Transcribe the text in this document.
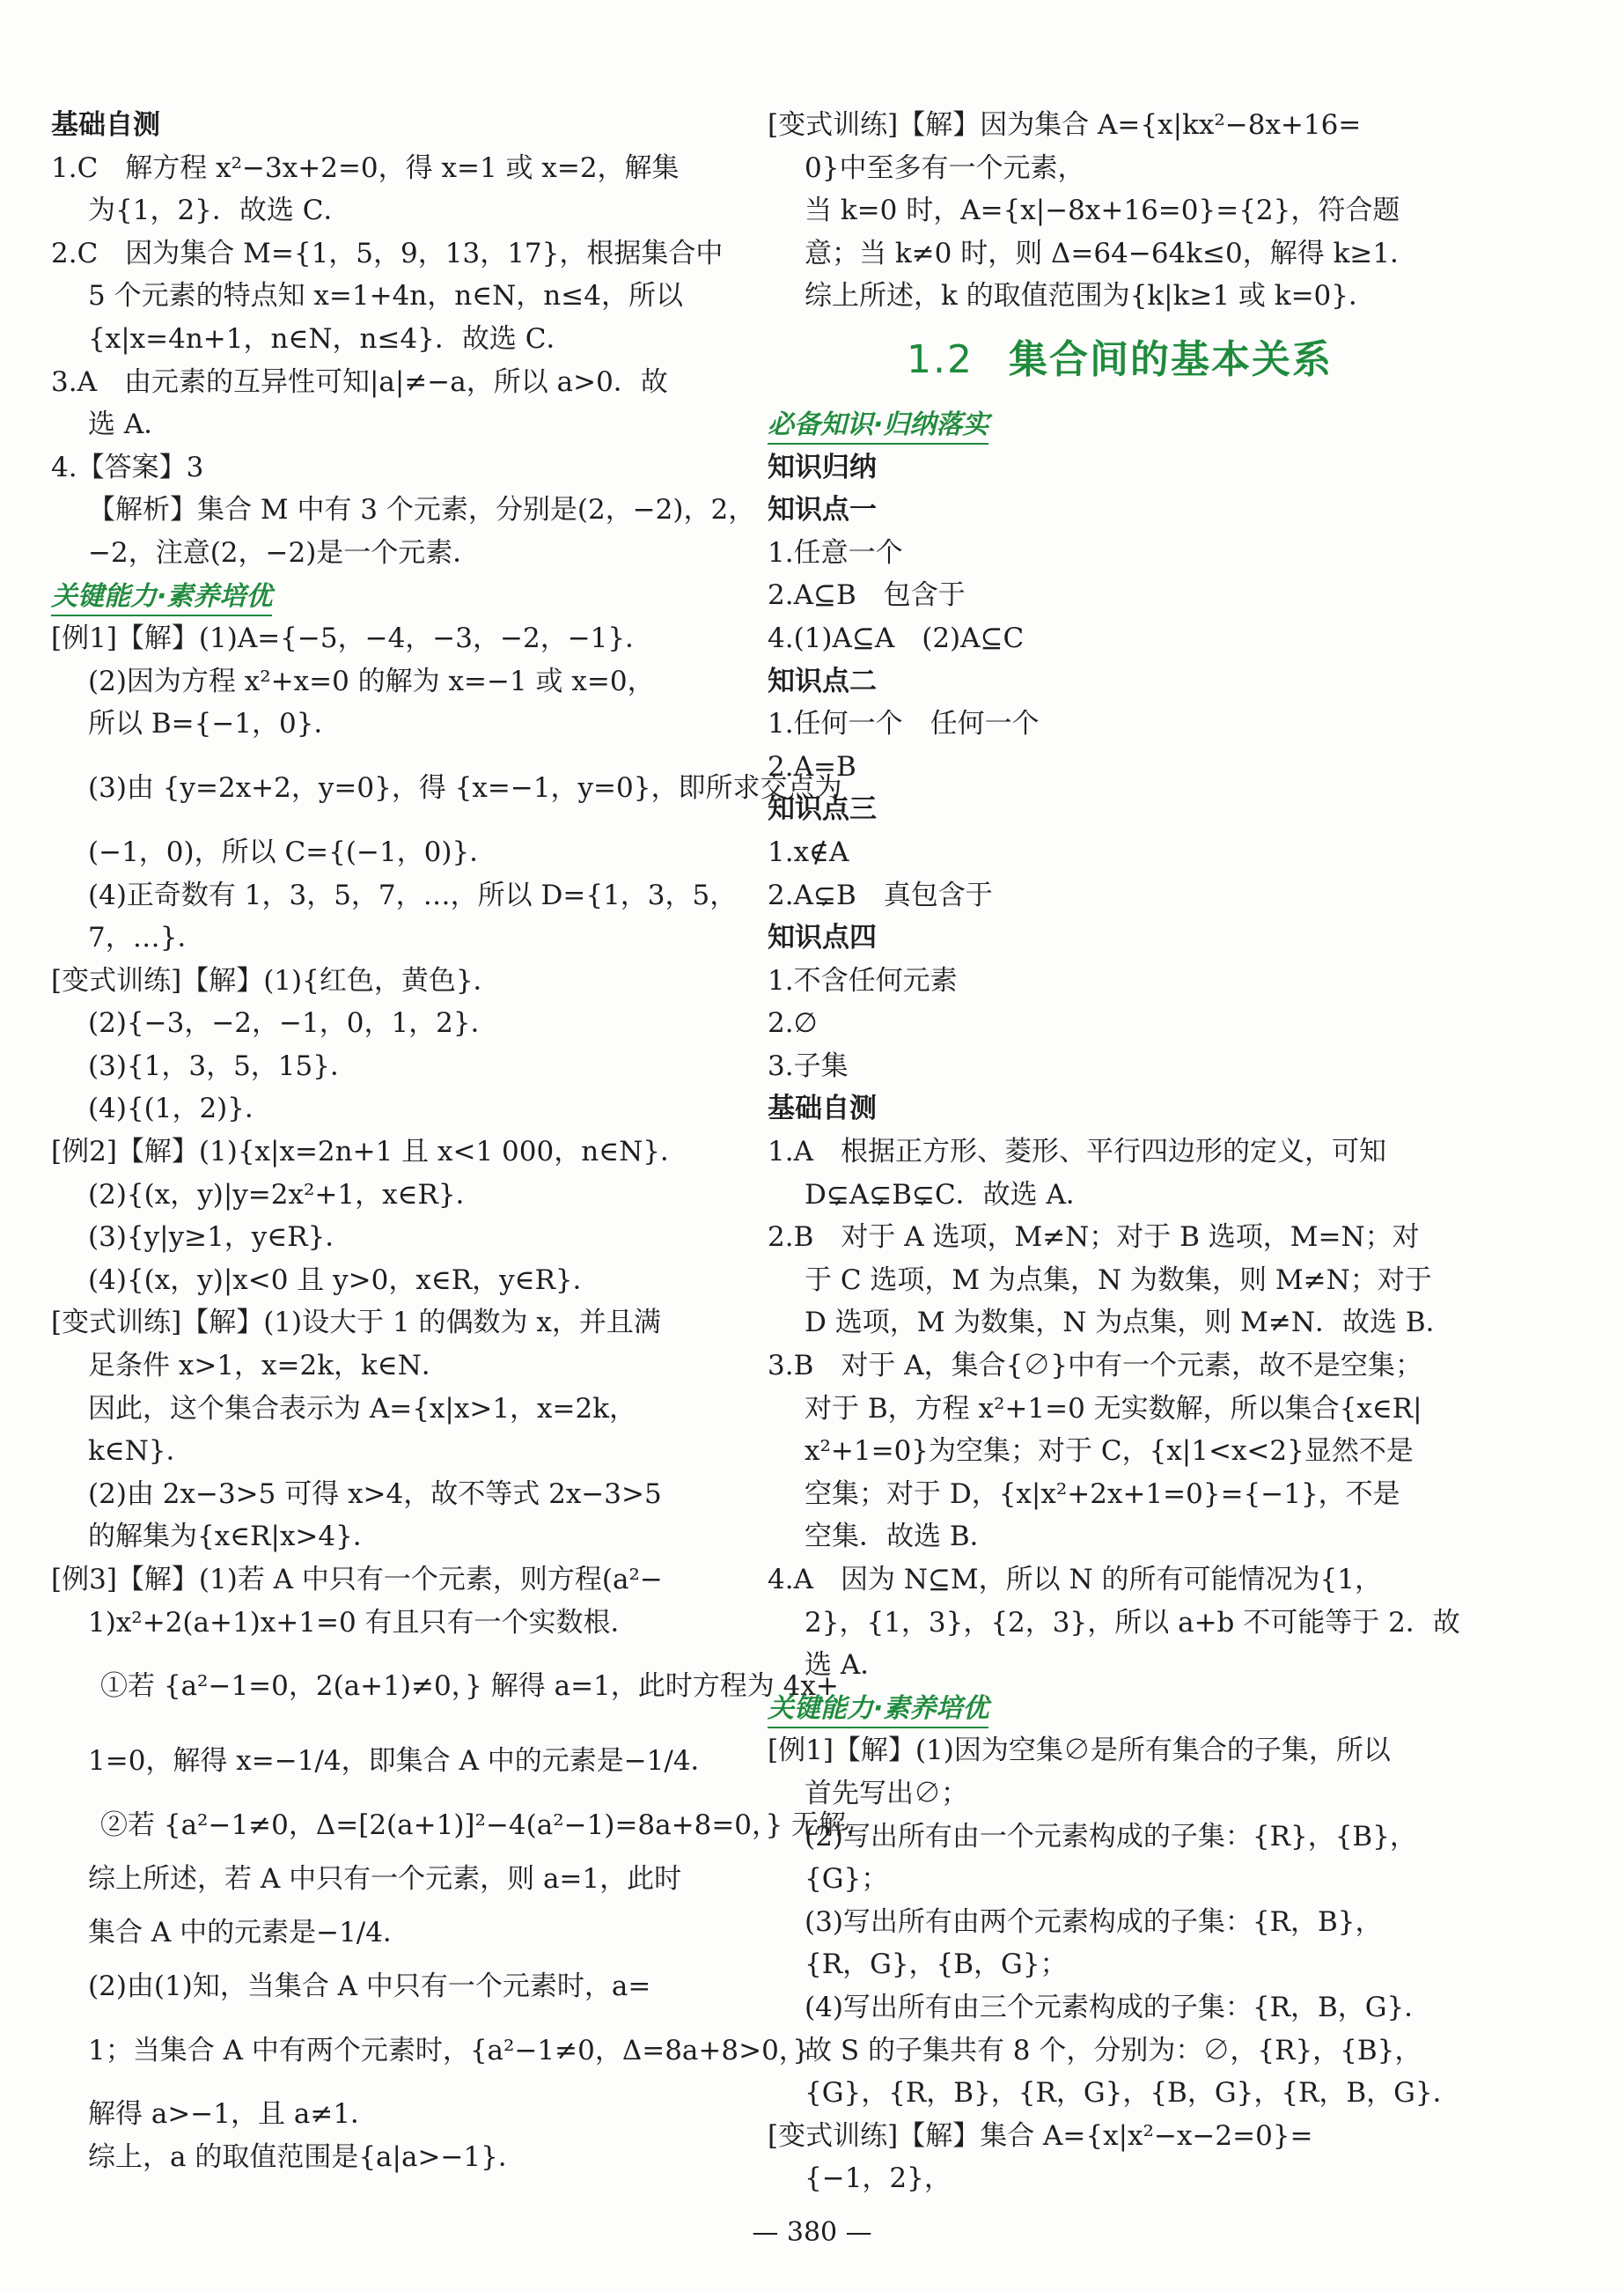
基础自测
1.C　解方程 x²−3x+2=0，得 x=1 或 x=2，解集
为{1，2}．故选 C．
2.C　因为集合 M={1，5，9，13，17}，根据集合中
5 个元素的特点知 x=1+4n，n∈N，n≤4，所以
{x|x=4n+1，n∈N，n≤4}．故选 C．
3.A　由元素的互异性可知|a|≠−a，所以 a>0．故
选 A．
4.【答案】3
【解析】集合 M 中有 3 个元素，分别是(2，−2)，2，
−2，注意(2，−2)是一个元素．
关键能力·素养培优
[例1]【解】(1)A={−5，−4，−3，−2，−1}．
(2)因为方程 x²+x=0 的解为 x=−1 或 x=0，
所以 B={−1，0}．
(3)由 {y=2x+2，y=0}，得 {x=−1，y=0}，即所求交点为
(−1，0)，所以 C={(−1，0)}．
(4)正奇数有 1，3，5，7，…，所以 D={1，3，5，
7，…}．
[变式训练]【解】(1){红色，黄色}．
(2){−3，−2，−1，0，1，2}．
(3){1，3，5，15}．
(4){(1，2)}．
[例2]【解】(1){x|x=2n+1 且 x<1 000，n∈N}．
(2){(x，y)|y=2x²+1，x∈R}．
(3){y|y≥1，y∈R}．
(4){(x，y)|x<0 且 y>0，x∈R，y∈R}．
[变式训练]【解】(1)设大于 1 的偶数为 x，并且满
足条件 x>1，x=2k，k∈N．
因此，这个集合表示为 A={x|x>1，x=2k，
k∈N}．
(2)由 2x−3>5 可得 x>4，故不等式 2x−3>5
的解集为{x∈R|x>4}．
[例3]【解】(1)若 A 中只有一个元素，则方程(a²−
1)x²+2(a+1)x+1=0 有且只有一个实数根．
①若 {a²−1=0，2(a+1)≠0，} 解得 a=1，此时方程为 4x+
1=0，解得 x=−1/4，即集合 A 中的元素是−1/4．
②若 {a²−1≠0，Δ=[2(a+1)]²−4(a²−1)=8a+8=0，} 无解．
综上所述，若 A 中只有一个元素，则 a=1，此时
集合 A 中的元素是−1/4．
(2)由(1)知，当集合 A 中只有一个元素时，a=
1；当集合 A 中有两个元素时，{a²−1≠0，Δ=8a+8>0，}
解得 a>−1，且 a≠1．
综上，a 的取值范围是{a|a>−1}．
[变式训练]【解】因为集合 A={x|kx²−8x+16=
0}中至多有一个元素，
当 k=0 时，A={x|−8x+16=0}={2}，符合题
意；当 k≠0 时，则 Δ=64−64k≤0，解得 k≥1．
综上所述，k 的取值范围为{k|k≥1 或 k=0}．
1.2 集合间的基本关系
必备知识·归纳落实
知识归纳
知识点一
1.任意一个
2.A⊆B　包含于
4.(1)A⊆A　(2)A⊆C
知识点二
1.任何一个　任何一个
2.A=B
知识点三
1.x∉A
2.A⊊B　真包含于
知识点四
1.不含任何元素
2.∅
3.子集
基础自测
1.A　根据正方形、菱形、平行四边形的定义，可知
D⊊A⊊B⊊C．故选 A．
2.B　对于 A 选项，M≠N；对于 B 选项，M=N；对
于 C 选项，M 为点集，N 为数集，则 M≠N；对于
D 选项，M 为数集，N 为点集，则 M≠N．故选 B．
3.B　对于 A，集合{∅}中有一个元素，故不是空集；
对于 B，方程 x²+1=0 无实数解，所以集合{x∈R|
x²+1=0}为空集；对于 C，{x|1<x<2}显然不是
空集；对于 D，{x|x²+2x+1=0}={−1}，不是
空集．故选 B．
4.A　因为 N⊆M，所以 N 的所有可能情况为{1，
2}，{1，3}，{2，3}，所以 a+b 不可能等于 2．故
选 A．
关键能力·素养培优
[例1]【解】(1)因为空集∅是所有集合的子集，所以
首先写出∅；
(2)写出所有由一个元素构成的子集：{R}，{B}，
{G}；
(3)写出所有由两个元素构成的子集：{R，B}，
{R，G}，{B，G}；
(4)写出所有由三个元素构成的子集：{R，B，G}．
故 S 的子集共有 8 个，分别为：∅，{R}，{B}，
{G}，{R，B}，{R，G}，{B，G}，{R，B，G}．
[变式训练]【解】集合 A={x|x²−x−2=0}=
{−1，2}，
— 380 —
